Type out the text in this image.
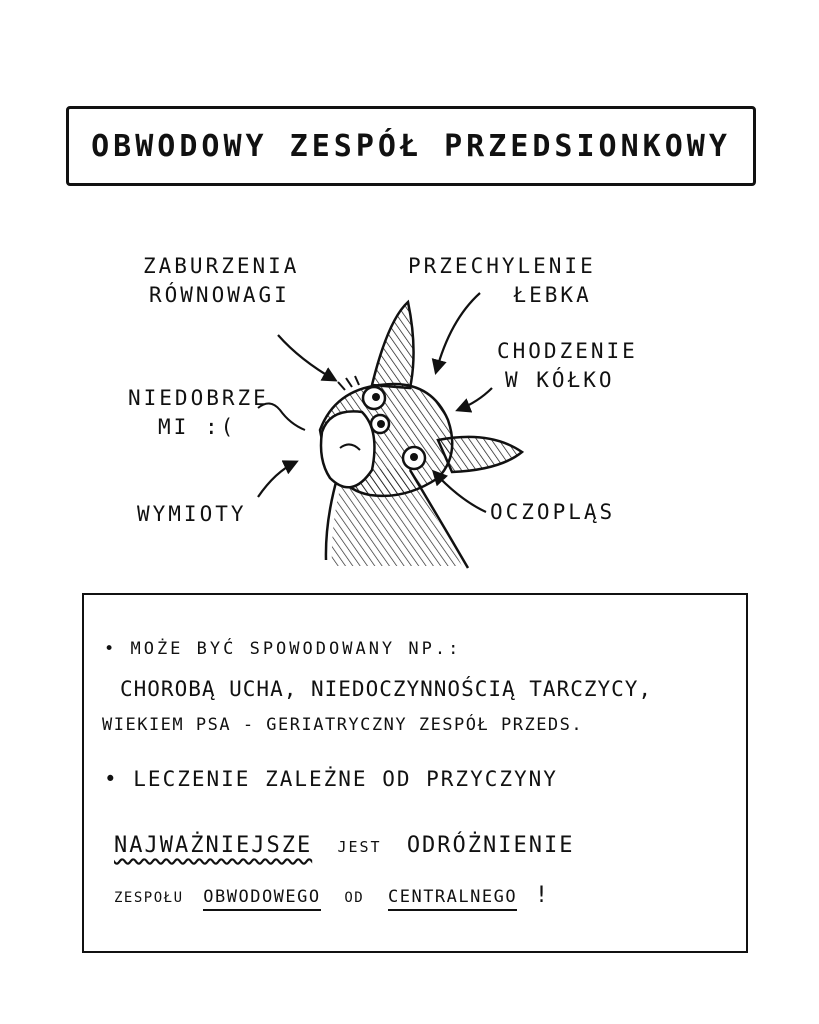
OBWODOWY ZESPÓŁ PRZEDSIONKOWY
ZABURZENIA
RÓWNOWAGI
PRZECHYLENIE
ŁEBKA
CHODZENIE
W KÓŁKO
NIEDOBRZE
MI :(
WYMIOTY	OCZOPLĄS
• MOŻE BYĆ SPOWODOWANY NP.:
CHOROBĄ UCHA, NIEDOCZYNNOŚCIĄ TARCZYCY,
WIEKIEM PSA - GERIATRYCZNY ZESPÓŁ PRZEDS.
• LECZENIE ZALEŻNE OD PRZYCZYNY
NAJWAŻNIEJSZE JEST ODRÓŻNIENIE
ZESPOŁU OBWODOWEGO OD CENTRALNEGO !
